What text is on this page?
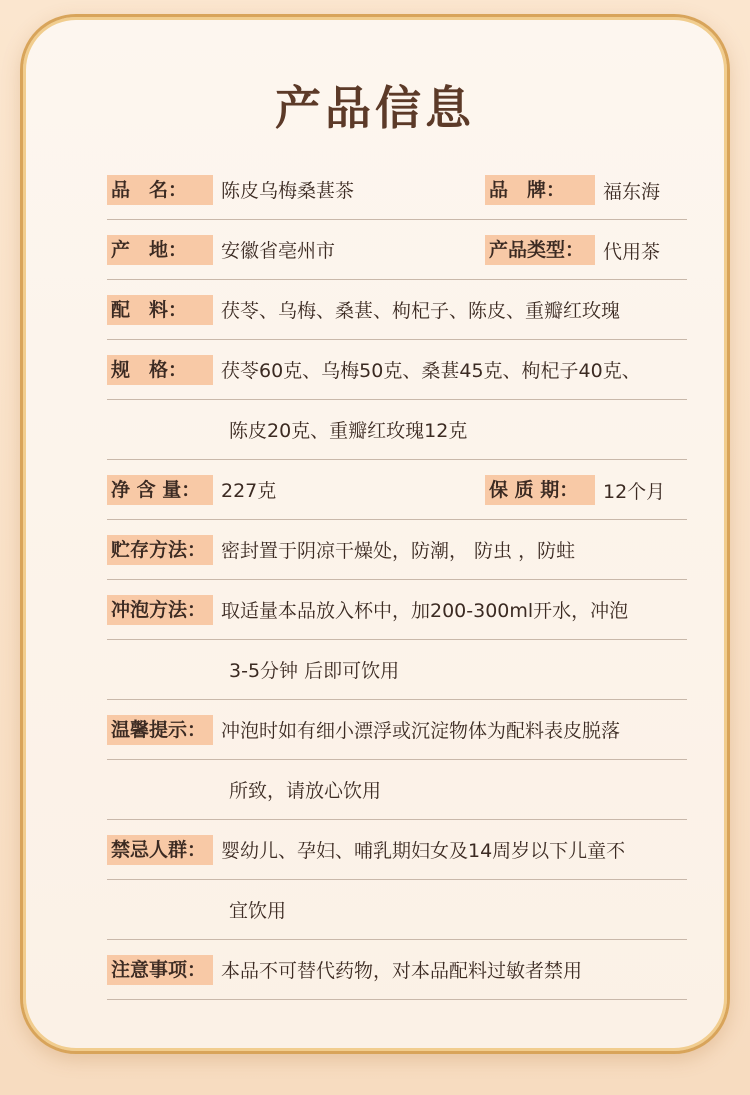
产品信息
品　名：	陈皮乌梅桑葚茶	品　牌：	福东海
产　地：	安徽省亳州市	产品类型： 代用茶
配　料：	茯苓、乌梅、桑葚、枸杞子、陈皮、重瓣红玫瑰
规　格：	茯苓60克、乌梅50克、桑葚45克、枸杞子40克、
陈皮20克、重瓣红玫瑰12克
净 含 量：	227克	保 质 期：	12个月
贮存方法： 密封置于阴凉干燥处，防潮， 防虫 ，防蛀
冲泡方法： 取适量本品放入杯中，加200-300ml开水，冲泡
3-5分钟 后即可饮用
温馨提示： 冲泡时如有细小漂浮或沉淀物体为配料表皮脱落
所致，请放心饮用
禁忌人群： 婴幼儿、孕妇、哺乳期妇女及14周岁以下儿童不
宜饮用
注意事项： 本品不可替代药物，对本品配料过敏者禁用
